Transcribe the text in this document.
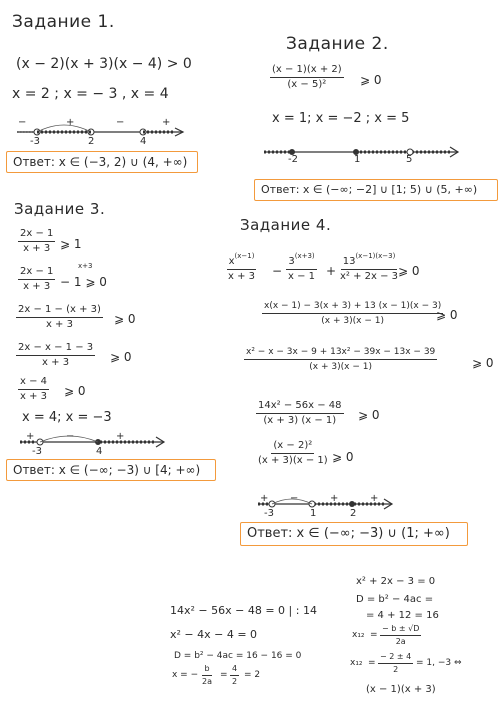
Задание 1.
(x − 2)(x + 3)(x − 4) > 0
x = 2 ; x = − 3 , x = 4
−	+	−	+
-3	2	4
Ответ: x ∈ (−3, 2) ∪ (4, +∞)
Задание 2.
$\frac{(x - 1)(x + 2)}{\text{(x − 5)²}}$ ⩾ 0
x = 1; x = −2 ; x = 5
-2	1	5
Ответ: x ∈ (−∞; −2] ∪ [1; 5) ∪ (5, +∞)
Задание 3.
$\frac{2x - 1}{x + 3}$ ⩾ 1
$\frac{2x - 1}{x + 3}$	x+3
− 1 ⩾ 0
$\frac{2x - 1 - (x + 3)}{x + 3}$ ⩾ 0
$\frac{2x - x - 1 - 3}{x + 3}$ ⩾ 0
$\frac{x - 4}{x + 3}$ ⩾ 0
x = 4; x = −3
+	−	+
-3	4
Ответ: x ∈ (−∞; −3) ∪ [4; +∞)
Задание 4.
$\frac{x^{(x-1)}}{x + 3} - \frac{3^{(x+3)}}{x - 1} + \frac{13^{(x-1)(x-3)}}{\text{x² + 2x − 3}}$
⩾ 0
$\frac{x(x - 1) - 3(x + 3) + 13 (x - 1)(x - 3)}{(x + 3)(x - 1)}$
⩾ 0
$\frac{\text{x² − x − 3x − 9 + 13x² − 39x − 13x − 39}}{(x + 3)(x - 1)}$	⩾ 0
$\frac{\text{14x² − 56x − 48}}{(x + 3) (x - 1)}$ ⩾ 0
$\frac{\text{(x − 2)²}}{(x + 3)(x - 1)}$ ⩾ 0
+ −	+	+
-3	1	2
Ответ: x ∈ (−∞; −3) ∪ (1; +∞)
14x² − 56x − 48 = 0 | : 14
x² − 4x − 4 = 0
D = b² − 4ac = 16 − 16 = 0
x = − $\frac{b}{2a} = \frac{4}{2} = 2$
x² + 2x − 3 = 0
D = b² − 4ac =
= 4 + 12 = 16
$x_{12} = \frac{- b \pm √D}{2a}$
$x_{12} = \frac{- 2 \pm 4}{2} = 1$, −3 ⇔
(x − 1)(x + 3)
